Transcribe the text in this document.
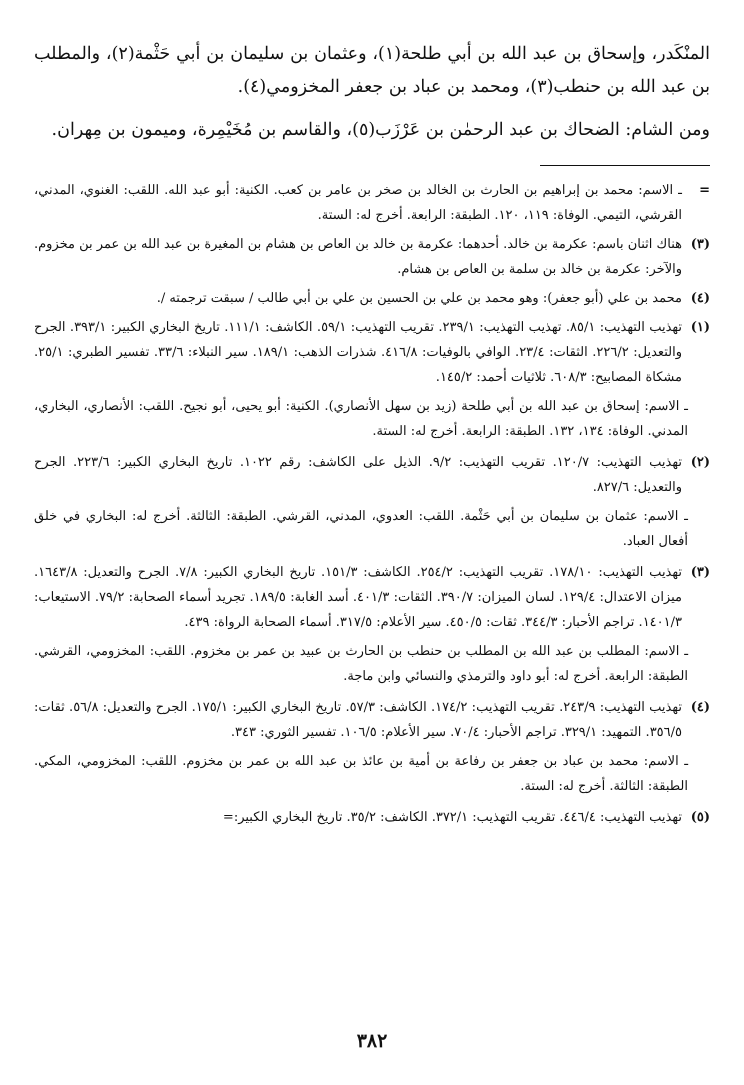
المنْكَدر، وإسحاق بن عبد الله بن أبي طلحة(١)، وعثمان بن سليمان بن أبي حَثْمة(٢)، والمطلب بن عبد الله بن حنطب(٣)، ومحمد بن عباد بن جعفر المخزومي(٤).

ومن الشام: الضحاك بن عبد الرحمٰن بن عَرْزَب(٥)، والقاسم بن مُخَيْمِرة، وميمون بن مِهران.

=

ـ الاسم: محمد بن إبراهيم بن الحارث بن الخالد بن صخر بن عامر بن كعب. الكنية: أبو عبد الله. اللقب: الغنوي، المدني، القرشي، التيمي. الوفاة: ١١٩، ١٢٠. الطبقة: الرابعة. أخرج له: الستة.

(٣)

هناك اثنان باسم: عكرمة بن خالد. أحدهما: عكرمة بن خالد بن العاص بن هشام بن المغيرة بن عبد الله بن عمر بن مخزوم. والآخر: عكرمة بن خالد بن سلمة بن العاص بن هشام.

(٤)

محمد بن علي (أبو جعفر): وهو محمد بن علي بن الحسين بن علي بن أبي طالب / سبقت ترجمته /.

(١)

تهذيب التهذيب: ٨٥/١. تهذيب التهذيب: ٢٣٩/١. تقريب التهذيب: ٥٩/١. الكاشف: ١١١/١. تاريخ البخاري الكبير: ٣٩٣/١. الجرح والتعديل: ٢٢٦/٢. الثقات: ٢٣/٤. الوافي بالوفيات: ٤١٦/٨. شذرات الذهب: ١٨٩/١. سير النبلاء: ٣٣/٦. تفسير الطبري: ٢٥/١. مشكاة المصابيح: ٦٠٨/٣. ثلاثيات أحمد: ١٤٥/٢.

ـ الاسم: إسحاق بن عبد الله بن أبي طلحة (زيد بن سهل الأنصاري). الكنية: أبو يحيى، أبو نجيح. اللقب: الأنصاري، البخاري، المدني. الوفاة: ١٣٤، ١٣٢. الطبقة: الرابعة. أخرج له: الستة.

(٢)

تهذيب التهذيب: ١٢٠/٧. تقريب التهذيب: ٩/٢. الذيل على الكاشف: رقم ١٠٢٢. تاريخ البخاري الكبير: ٢٢٣/٦. الجرح والتعديل: ٨٢٧/٦.

ـ الاسم: عثمان بن سليمان بن أبي حَثْمة. اللقب: العدوي، المدني، القرشي. الطبقة: الثالثة. أخرج له: البخاري في خلق أفعال العباد.

(٣)

تهذيب التهذيب: ١٧٨/١٠. تقريب التهذيب: ٢٥٤/٢. الكاشف: ١٥١/٣. تاريخ البخاري الكبير: ٧/٨. الجرح والتعديل: ١٦٤٣/٨. ميزان الاعتدال: ١٢٩/٤. لسان الميزان: ٣٩٠/٧. الثقات: ٤٠١/٣. أسد الغابة: ١٨٩/٥. تجريد أسماء الصحابة: ٧٩/٢. الاستيعاب: ١٤٠١/٣. تراجم الأحبار: ٣٤٤/٣. ثقات: ٤٥٠/٥. سير الأعلام: ٣١٧/٥. أسماء الصحابة الرواة: ٤٣٩.

ـ الاسم: المطلب بن عبد الله بن المطلب بن حنطب بن الحارث بن عبيد بن عمر بن مخزوم. اللقب: المخزومي، القرشي. الطبقة: الرابعة. أخرج له: أبو داود والترمذي والنسائي وابن ماجة.

(٤)

تهذيب التهذيب: ٢٤٣/٩. تقريب التهذيب: ١٧٤/٢. الكاشف: ٥٧/٣. تاريخ البخاري الكبير: ١٧٥/١. الجرح والتعديل: ٥٦/٨. ثقات: ٣٥٦/٥. التمهيد: ٣٢٩/١. تراجم الأحبار: ٧٠/٤. سير الأعلام: ١٠٦/٥. تفسير الثوري: ٣٤٣.

ـ الاسم: محمد بن عباد بن جعفر بن رفاعة بن أمية بن عائذ بن عبد الله بن عمر بن مخزوم. اللقب: المخزومي، المكي. الطبقة: الثالثة. أخرج له: الستة.

(٥)

تهذيب التهذيب: ٤٤٦/٤. تقريب التهذيب: ٣٧٢/١. الكاشف: ٣٥/٢. تاريخ البخاري الكبير:=

٣٨٢
